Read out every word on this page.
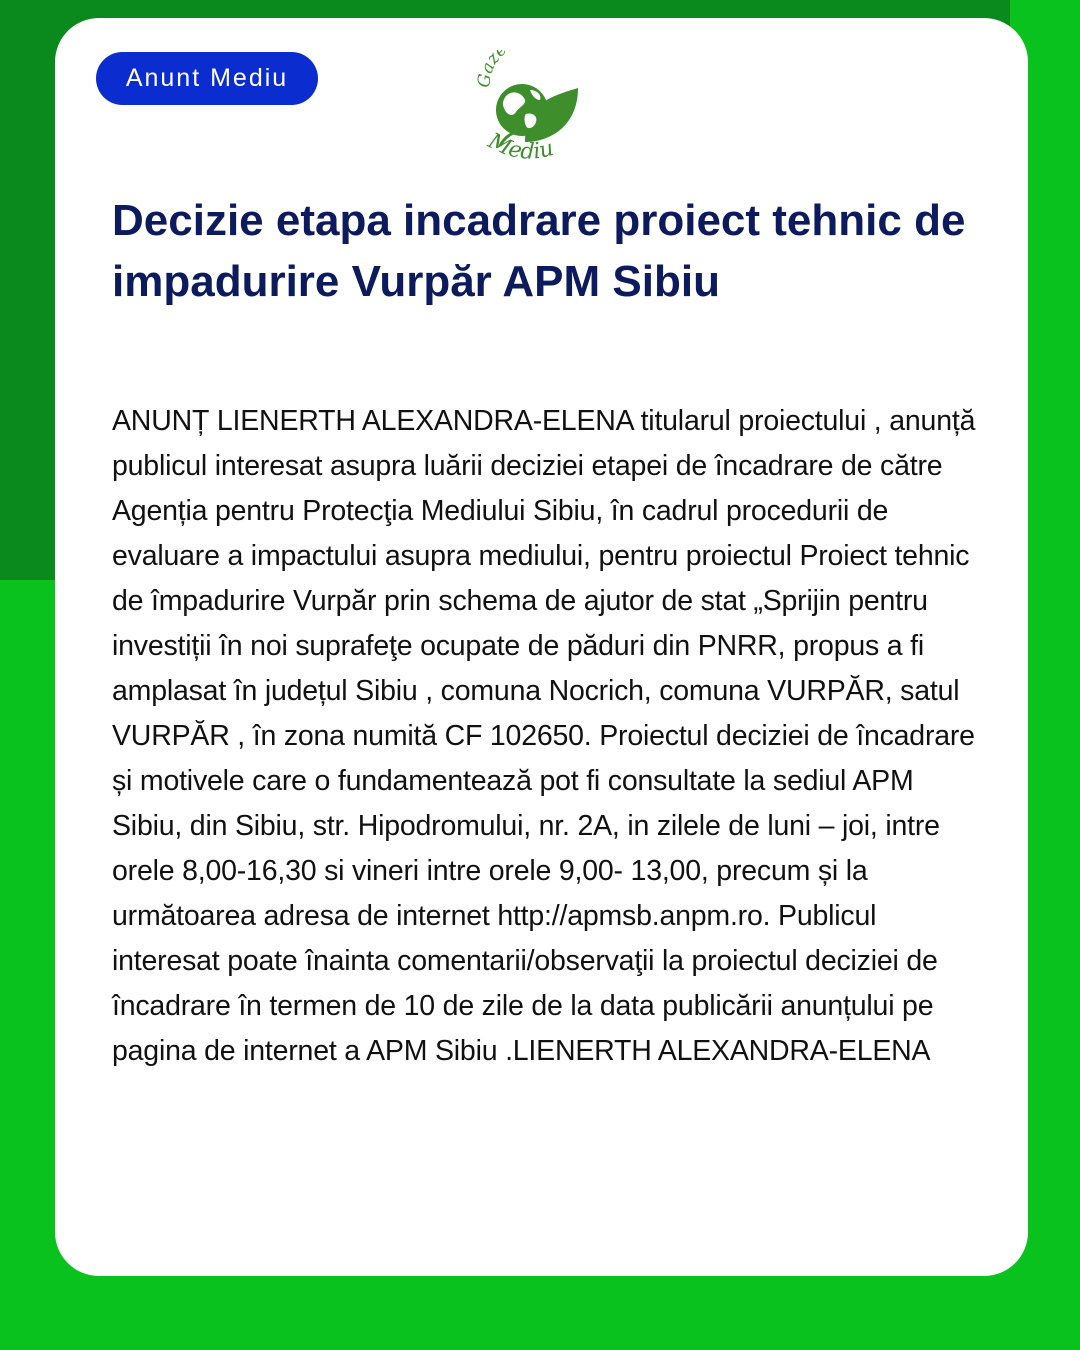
Anunt Mediu	Gaze
Mediu
Decizie etapa incadrare proiect tehnic de impadurire Vurpăr APM Sibiu

ANUNȚ LIENERTH ALEXANDRA-ELENA titularul proiectului , anunță publicul interesat asupra luării deciziei etapei de încadrare de către Agenția pentru Protecţia Mediului Sibiu, în cadrul procedurii de evaluare a impactului asupra mediului, pentru proiectul Proiect tehnic de împadurire Vurpăr prin schema de ajutor de stat „Sprijin pentru investiții în noi suprafeţe ocupate de păduri din PNRR, propus a fi amplasat în județul Sibiu , comuna Nocrich, comuna VURPĂR, satul VURPĂR , în zona numită CF 102650. Proiectul deciziei de încadrare și motivele care o fundamentează pot fi consultate la sediul APM Sibiu, din Sibiu, str. Hipodromului, nr. 2A, in zilele de luni – joi, intre orele 8,00-16,30 si vineri intre orele 9,00- 13,00, precum și la următoarea adresa de internet http://apmsb.anpm.ro. Publicul interesat poate înainta comentarii/observaţii la proiectul deciziei de încadrare în termen de 10 de zile de la data publicării anunțului pe pagina de internet a APM Sibiu .LIENERTH ALEXANDRA-ELENA
